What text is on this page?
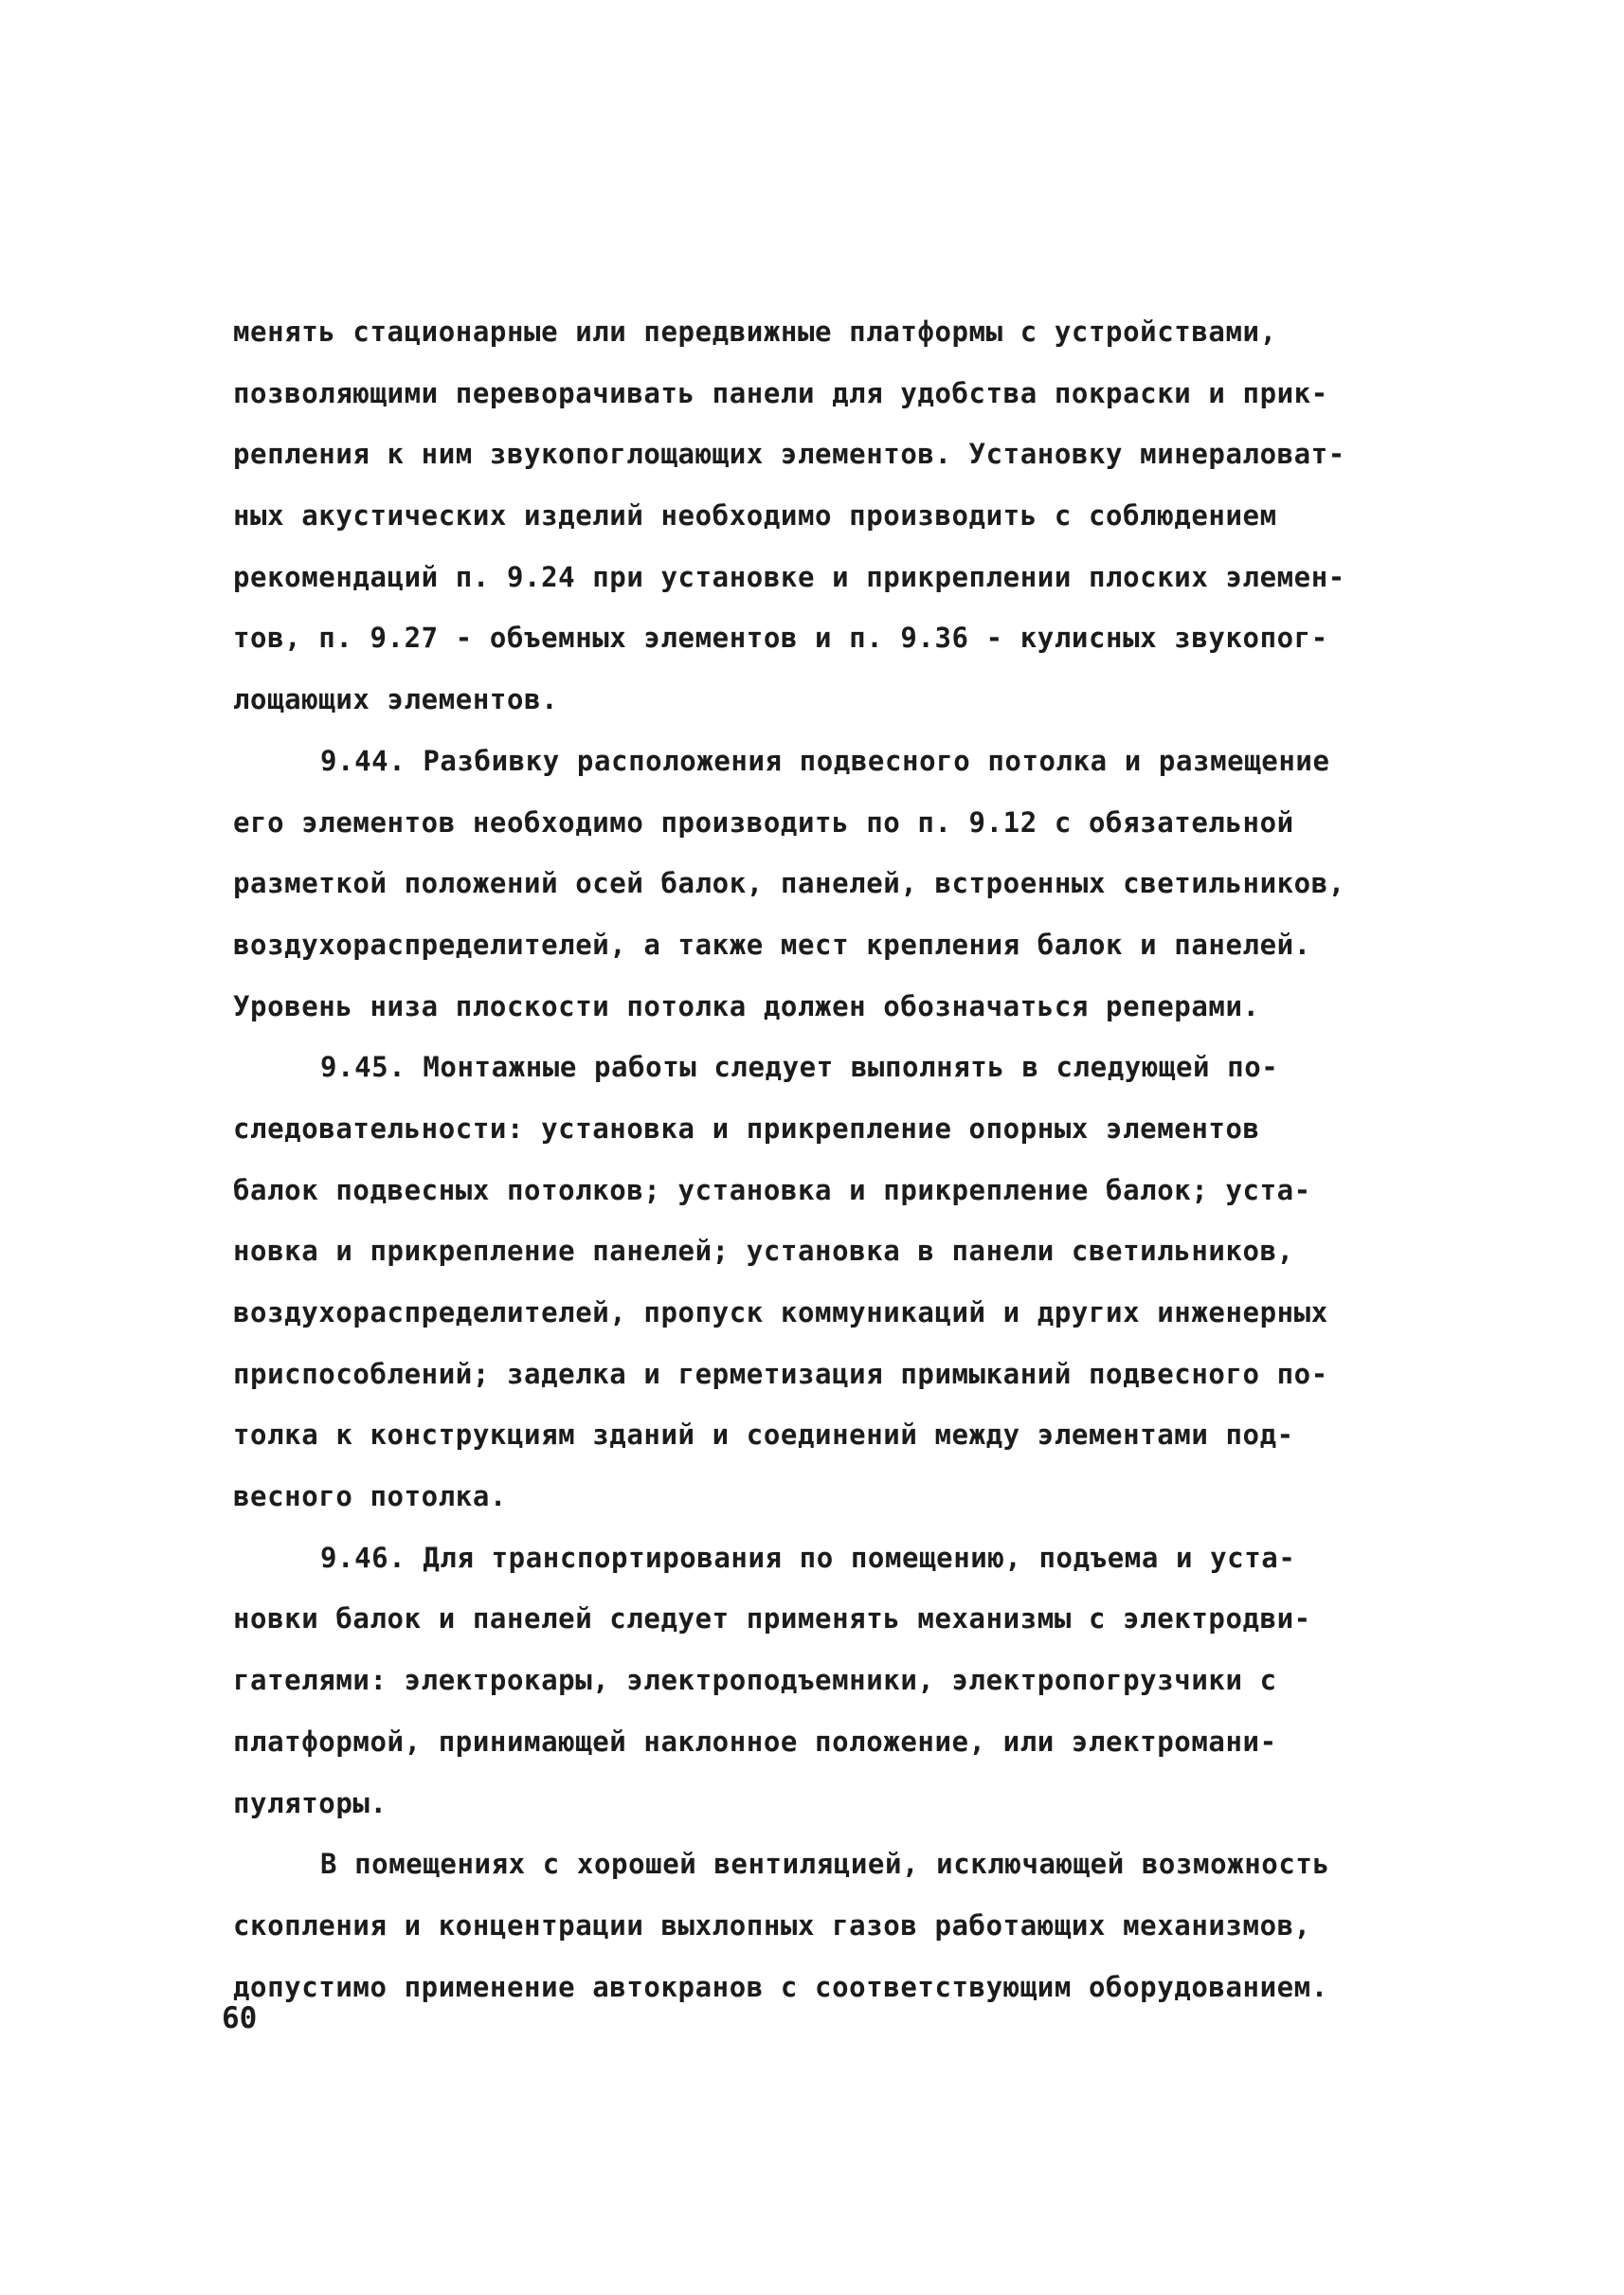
менять стационарные или передвижные платформы с устройствами,
позволяющими переворачивать панели для удобства покраски и прик-
репления к ним звукопоглощающих элементов. Установку минераловат-
ных акустических изделий необходимо производить с соблюдением
рекомендаций п. 9.24 при установке и прикреплении плоских элемен-
тов, п. 9.27 - объемных элементов и п. 9.36 - кулисных звукопог-
лощающих элементов.
9.44. Разбивку расположения подвесного потолка и размещение
его элементов необходимо производить по п. 9.12 с обязательной
разметкой положений осей балок, панелей, встроенных светильников,
воздухораспределителей, а также мест крепления балок и панелей.
Уровень низа плоскости потолка должен обозначаться реперами.
9.45. Монтажные работы следует выполнять в следующей по-
следовательности: установка и прикрепление опорных элементов
балок подвесных потолков; установка и прикрепление балок; уста-
новка и прикрепление панелей; установка в панели светильников,
воздухораспределителей, пропуск коммуникаций и других инженерных
приспособлений; заделка и герметизация примыканий подвесного по-
толка к конструкциям зданий и соединений между элементами под-
весного потолка.
9.46. Для транспортирования по помещению, подъема и уста-
новки балок и панелей следует применять механизмы с электродви-
гателями: электрокары, электроподъемники, электропогрузчики с
платформой, принимающей наклонное положение, или электромани-
пуляторы.
В помещениях с хорошей вентиляцией, исключающей возможность
скопления и концентрации выхлопных газов работающих механизмов,
допустимо применение автокранов с соответствующим оборудованием.
60
